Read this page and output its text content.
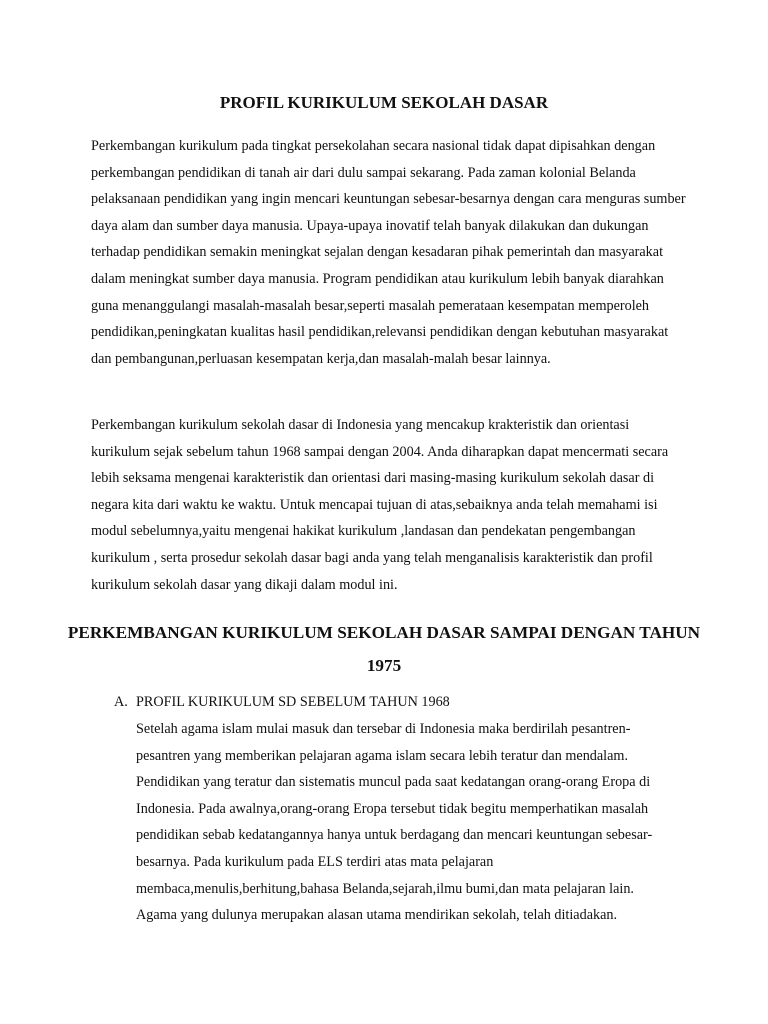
PROFIL KURIKULUM SEKOLAH DASAR

Perkembangan kurikulum pada tingkat persekolahan secara nasional tidak dapat dipisahkan dengan perkembangan pendidikan di tanah air dari dulu sampai sekarang. Pada zaman kolonial Belanda pelaksanaan pendidikan yang ingin mencari keuntungan sebesar-besarnya dengan cara menguras sumber daya alam dan sumber daya manusia. Upaya-upaya inovatif telah banyak dilakukan dan dukungan terhadap pendidikan semakin meningkat sejalan dengan kesadaran pihak pemerintah dan masyarakat dalam meningkat sumber daya manusia. Program pendidikan atau kurikulum lebih banyak diarahkan guna menanggulangi masalah-masalah besar,seperti masalah pemerataan kesempatan memperoleh pendidikan,peningkatan kualitas hasil pendidikan,relevansi pendidikan dengan kebutuhan masyarakat dan pembangunan,perluasan kesempatan kerja,dan masalah-malah besar lainnya.

Perkembangan kurikulum sekolah dasar di Indonesia yang mencakup krakteristik dan orientasi kurikulum sejak sebelum tahun 1968 sampai dengan 2004. Anda diharapkan dapat mencermati secara lebih seksama mengenai karakteristik dan orientasi dari masing-masing kurikulum sekolah dasar di negara kita dari waktu ke waktu. Untuk mencapai tujuan di atas,sebaiknya anda telah memahami isi modul sebelumnya,yaitu mengenai hakikat kurikulum ,landasan dan pendekatan pengembangan kurikulum , serta prosedur sekolah dasar bagi anda yang telah menganalisis karakteristik dan profil kurikulum sekolah dasar yang dikaji dalam modul ini.

PERKEMBANGAN KURIKULUM SEKOLAH DASAR SAMPAI DENGAN TAHUN 1975

A. PROFIL KURIKULUM SD SEBELUM TAHUN 1968

Setelah agama islam mulai masuk dan tersebar di Indonesia maka berdirilah pesantren-pesantren yang memberikan pelajaran agama islam secara lebih teratur dan mendalam. Pendidikan yang teratur dan sistematis muncul pada saat kedatangan orang-orang Eropa di Indonesia. Pada awalnya,orang-orang Eropa tersebut tidak begitu memperhatikan masalah pendidikan sebab kedatangannya hanya untuk berdagang dan mencari keuntungan sebesar-besarnya. Pada kurikulum pada ELS terdiri atas mata pelajaran membaca,menulis,berhitung,bahasa Belanda,sejarah,ilmu bumi,dan mata pelajaran lain. Agama yang dulunya merupakan alasan utama mendirikan sekolah, telah ditiadakan.
